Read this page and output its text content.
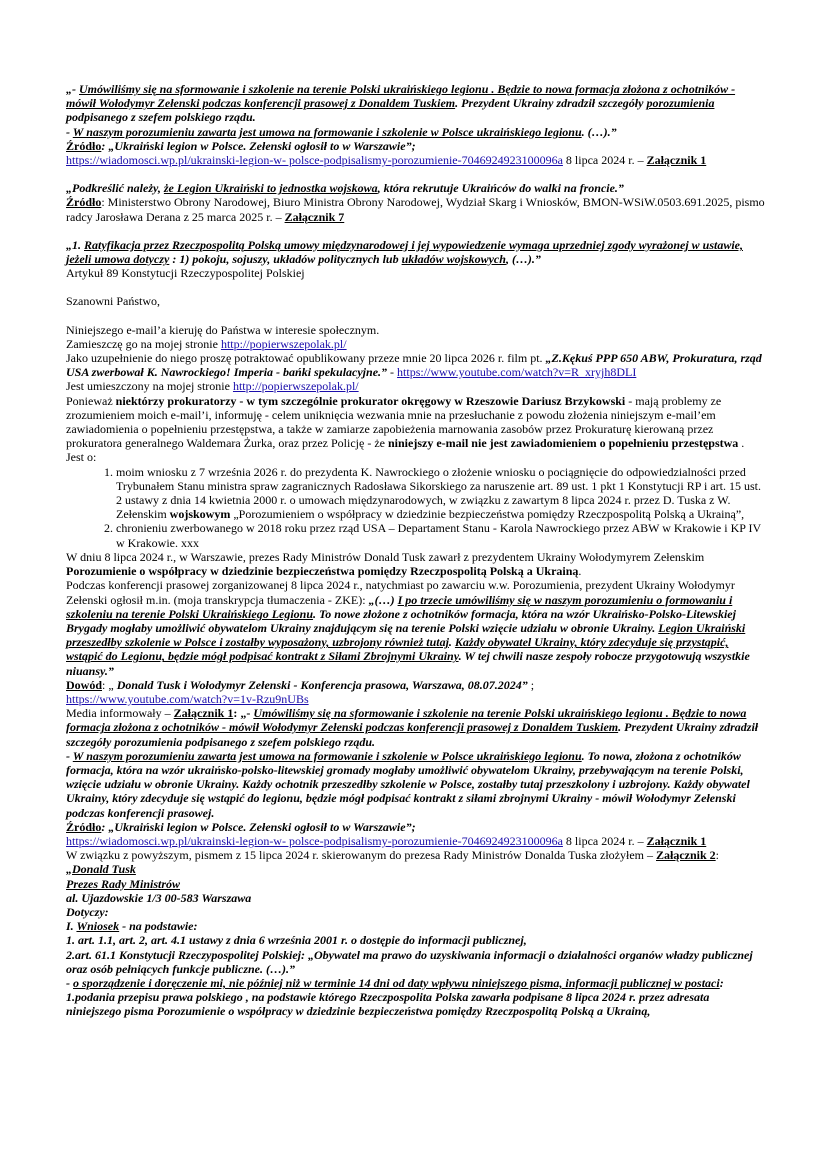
„- Umówiliśmy się na sformowanie i szkolenie na terenie Polski ukraińskiego legionu . Będzie to nowa formacja złożona z ochotników - mówił Wołodymyr Zełenski podczas konferencji prasowej z Donaldem Tuskiem. Prezydent Ukrainy zdradził szczegóły porozumienia podpisanego z szefem polskiego rządu.

- W naszym porozumieniu zawarta jest umowa na formowanie i szkolenie w Polsce ukraińskiego legionu. (…).”

Źródło: „Ukraiński legion w Polsce. Zełenski ogłosił to w Warszawie”;

https://wiadomosci.wp.pl/ukrainski-legion-w- polsce-podpisalismy-porozumienie-7046924923100096a 8 lipca 2024 r. – Załącznik 1

„Podkreślić należy, że Legion Ukraiński to jednostka wojskowa, która rekrutuje Ukraińców do walki na froncie.”

Źródło: Ministerstwo Obrony Narodowej, Biuro Ministra Obrony Narodowej, Wydział Skarg i Wniosków, BMON-WSiW.0503.691.2025, pismo radcy Jarosława Derana z 25 marca 2025 r. – Załącznik 7

„1. Ratyfikacja przez Rzeczpospolitą Polską umowy międzynarodowej i jej wypowiedzenie wymaga uprzedniej zgody wyrażonej w ustawie, jeżeli umowa dotyczy : 1) pokoju, sojuszy, układów politycznych lub układów wojskowych, (…).”

Artykuł 89 Konstytucji Rzeczypospolitej Polskiej

Szanowni Państwo,

Niniejszego e-mail’a kieruję do Państwa w interesie społecznym.

Zamieszczę go na mojej stronie http://popierwszepolak.pl/

Jako uzupełnienie do niego proszę potraktować opublikowany przeze mnie 20 lipca 2026 r. film pt. „Z.Kękuś PPP 650 ABW, Prokuratura, rząd USA zwerbował K. Nawrockiego! Imperia - bańki spekulacyjne.” - https://www.youtube.com/watch?v=R_xryjh8DLI

Jest umieszczony na mojej stronie http://popierwszepolak.pl/

Ponieważ niektórzy prokuratorzy - w tym szczególnie prokurator okręgowy w Rzeszowie Dariusz Brzykowski - mają problemy ze zrozumieniem moich e-mail’i, informuję - celem uniknięcia wezwania mnie na przesłuchanie z powodu złożenia niniejszym e-mail’em zawiadomienia o popełnieniu przestępstwa, a także w zamiarze zapobieżenia marnowania zasobów przez Prokuraturę kierowaną przez prokuratora generalnego Waldemara Żurka, oraz przez Policję - że niniejszy e-mail nie jest zawiadomieniem o popełnieniu przestępstwa .

Jest o:

1. moim wniosku z 7 września 2026 r. do prezydenta K. Nawrockiego o złożenie wniosku o pociągnięcie do odpowiedzialności przed Trybunałem Stanu ministra spraw zagranicznych Radosława Sikorskiego za naruszenie art. 89 ust. 1 pkt 1 Konstytucji RP i art. 15 ust. 2 ustawy z dnia 14 kwietnia 2000 r. o umowach międzynarodowych, w związku z zawartym 8 lipca 2024 r. przez D. Tuska z W. Zełenskim wojskowym „Porozumieniem o współpracy w dziedzinie bezpieczeństwa pomiędzy Rzeczpospolitą Polską a Ukrainą”,
2. chronieniu zwerbowanego w 2018 roku przez rząd USA – Departament Stanu - Karola Nawrockiego przez ABW w Krakowie i KP IV w Krakowie. xxx

W dniu 8 lipca 2024 r., w Warszawie, prezes Rady Ministrów Donald Tusk zawarł z prezydentem Ukrainy Wołodymyrem Zełenskim Porozumienie o współpracy w dziedzinie bezpieczeństwa pomiędzy Rzeczpospolitą Polską a Ukrainą.

Podczas konferencji prasowej zorganizowanej 8 lipca 2024 r., natychmiast po zawarciu w.w. Porozumienia, prezydent Ukrainy Wołodymyr Zełenski ogłosił m.in. (moja transkrypcja tłumaczenia - ZKE): „(…) I po trzecie umówiliśmy się w naszym porozumieniu o formowaniu i szkoleniu na terenie Polski Ukraińskiego Legionu. To nowe złożone z ochotników formacja, która na wzór Ukraińsko-Polsko-Litewskiej Brygady mogłaby umożliwić obywatelom Ukrainy znajdującym się na terenie Polski wzięcie udziału w obronie Ukrainy. Legion Ukraiński przeszedłby szkolenie w Polsce i zostałby wyposażony, uzbrojony również tutaj. Każdy obywatel Ukrainy, który zdecyduje się przystąpić, wstąpić do Legionu, będzie mógł podpisać kontrakt z Siłami Zbrojnymi Ukrainy. W tej chwili nasze zespoły robocze przygotowują wszystkie niuansy.”

Dowód: „ Donald Tusk i Wołodymyr Zełenski - Konferencja prasowa, Warszawa, 08.07.2024” ;

https://www.youtube.com/watch?v=1v-Rzu9nUBs

Media informowały – Załącznik 1: „- Umówiliśmy się na sformowanie i szkolenie na terenie Polski ukraińskiego legionu . Będzie to nowa formacja złożona z ochotników - mówił Wołodymyr Zełenski podczas konferencji prasowej z Donaldem Tuskiem. Prezydent Ukrainy zdradził szczegóły porozumienia podpisanego z szefem polskiego rządu.

- W naszym porozumieniu zawarta jest umowa na formowanie i szkolenie w Polsce ukraińskiego legionu. To nowa, złożona z ochotników formacja, która na wzór ukraińsko-polsko-litewskiej gromady mogłaby umożliwić obywatelom Ukrainy, przebywającym na terenie Polski, wzięcie udziału w obronie Ukrainy. Każdy ochotnik przeszedłby szkolenie w Polsce, zostałby tutaj przeszkolony i uzbrojony. Każdy obywatel Ukrainy, który zdecyduje się wstąpić do legionu, będzie mógł podpisać kontrakt z siłami zbrojnymi Ukrainy - mówił Wołodymyr Zełenski podczas konferencji prasowej.

Źródło: „Ukraiński legion w Polsce. Zełenski ogłosił to w Warszawie”;

https://wiadomosci.wp.pl/ukrainski-legion-w- polsce-podpisalismy-porozumienie-7046924923100096a 8 lipca 2024 r. – Załącznik 1

W związku z powyższym, pismem z 15 lipca 2024 r. skierowanym do prezesa Rady Ministrów Donalda Tuska złożyłem – Załącznik 2:

„Donald Tusk

Prezes Rady Ministrów

al. Ujazdowskie 1/3 00-583 Warszawa

Dotyczy:

I. Wniosek - na podstawie:

1. art. 1.1, art. 2, art. 4.1 ustawy z dnia 6 września 2001 r. o dostępie do informacji publicznej,

2.art. 61.1 Konstytucji Rzeczypospolitej Polskiej: „Obywatel ma prawo do uzyskiwania informacji o działalności organów władzy publicznej oraz osób pełniących funkcje publiczne. (…).”

- o sporządzenie i doręczenie mi, nie później niż w terminie 14 dni od daty wpływu niniejszego pisma, informacji publicznej w postaci:

1.podania przepisu prawa polskiego , na podstawie którego Rzeczpospolita Polska zawarła podpisane 8 lipca 2024 r. przez adresata niniejszego pisma Porozumienie o współpracy w dziedzinie bezpieczeństwa pomiędzy Rzeczpospolitą Polską a Ukrainą,
